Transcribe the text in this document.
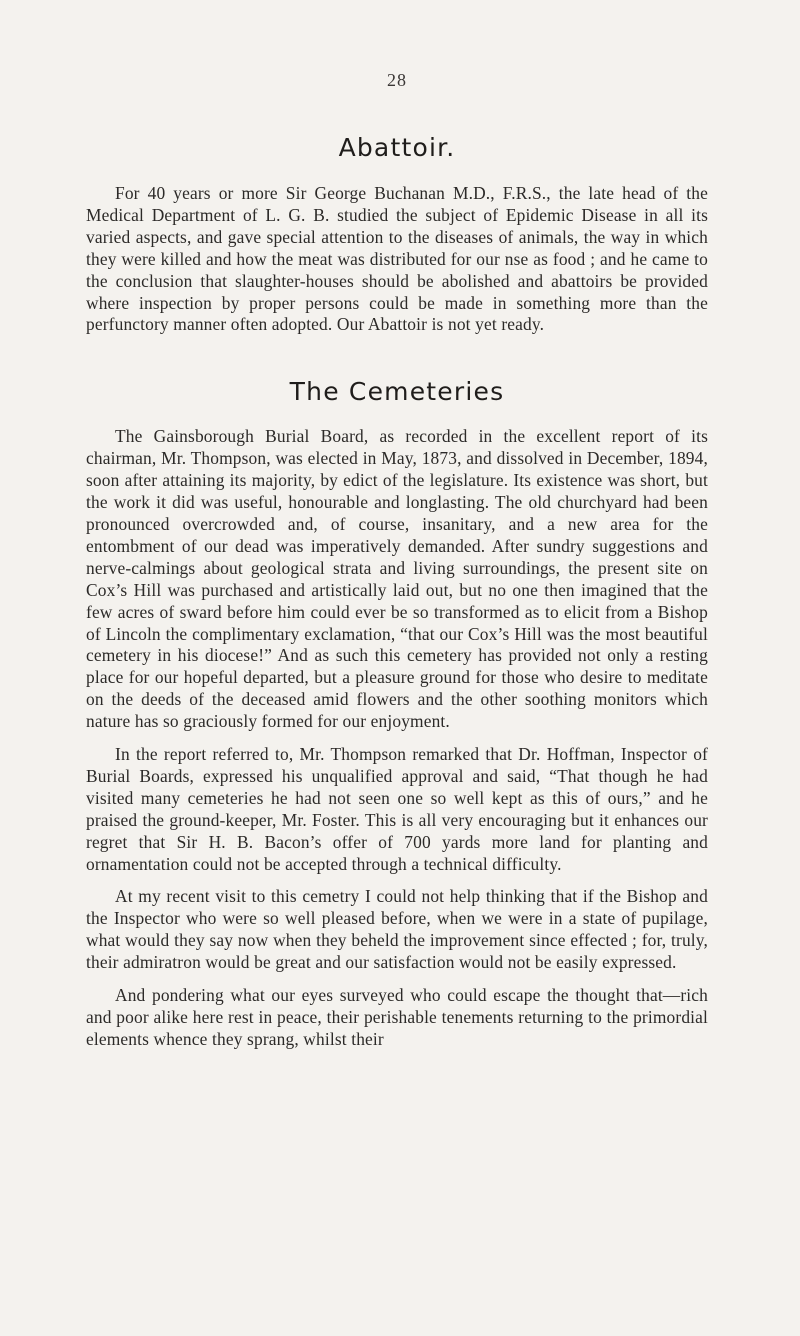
28
Abattoir.

For 40 years or more Sir George Buchanan M.D., F.R.S., the late head of the Medical Department of L. G. B. studied the subject of Epidemic Disease in all its varied aspects, and gave special attention to the diseases of animals, the way in which they were killed and how the meat was distributed for our nse as food ; and he came to the conclusion that slaughter-houses should be abolished and abattoirs be provided where inspection by proper persons could be made in something more than the perfunctory manner often adopted. Our Abattoir is not yet ready.

The Cemeteries

The Gainsborough Burial Board, as recorded in the excellent report of its chairman, Mr. Thompson, was elected in May, 1873, and dissolved in December, 1894, soon after attaining its majority, by edict of the legislature. Its existence was short, but the work it did was useful, honourable and longlasting. The old churchyard had been pronounced overcrowded and, of course, insanitary, and a new area for the entombment of our dead was imperatively demanded. After sundry suggestions and nerve-calmings about geological strata and living surroundings, the present site on Cox’s Hill was purchased and artistically laid out, but no one then imagined that the few acres of sward before him could ever be so transformed as to elicit from a Bishop of Lincoln the complimentary exclamation, “that our Cox’s Hill was the most beautiful cemetery in his diocese!” And as such this cemetery has provided not only a resting place for our hopeful departed, but a pleasure ground for those who desire to meditate on the deeds of the deceased amid flowers and the other soothing monitors which nature has so graciously formed for our enjoyment.

In the report referred to, Mr. Thompson remarked that Dr. Hoffman, Inspector of Burial Boards, expressed his unqualified approval and said, “That though he had visited many cemeteries he had not seen one so well kept as this of ours,” and he praised the ground-keeper, Mr. Foster. This is all very encouraging but it enhances our regret that Sir H. B. Bacon’s offer of 700 yards more land for planting and ornamentation could not be accepted through a technical difficulty.

At my recent visit to this cemetry I could not help thinking that if the Bishop and the Inspector who were so well pleased before, when we were in a state of pupilage, what would they say now when they beheld the improvement since effected ; for, truly, their admiratron would be great and our satisfaction would not be easily expressed.

And pondering what our eyes surveyed who could escape the thought that—rich and poor alike here rest in peace, their perishable tenements returning to the primordial elements whence they sprang, whilst their
